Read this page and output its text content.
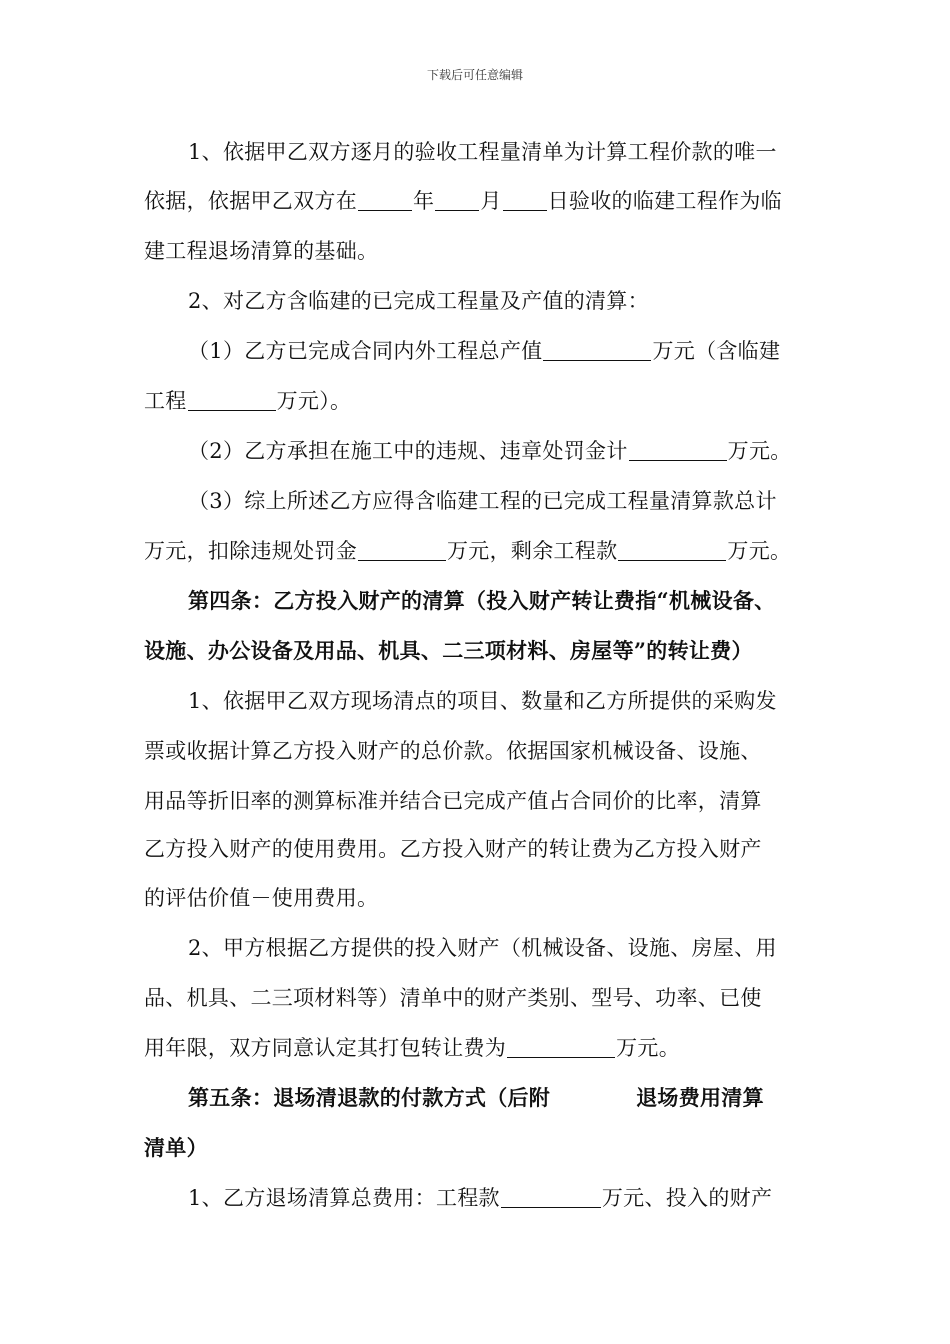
下载后可任意编辑
1、依据甲乙双方逐月的验收工程量清单为计算工程价款的唯一
依据，依据甲乙双方在	年 月 日验收的临建工程作为临
建工程退场清算的基础。
2、对乙方含临建的已完成工程量及产值的清算：
（1）乙方已完成合同内外工程总产值	万元（含临建
工程	万元）。
（2）乙方承担在施工中的违规、违章处罚金计	万元。
（3）综上所述乙方应得含临建工程的已完成工程量清算款总计
万元，扣除违规处罚金	万元，剩余工程款	万元。
第四条：乙方投入财产的清算（投入财产转让费指“机械设备、
设施、办公设备及用品、机具、二三项材料、房屋等”的转让费）
1、依据甲乙双方现场清点的项目、数量和乙方所提供的采购发
票或收据计算乙方投入财产的总价款。依据国家机械设备、设施、
用品等折旧率的测算标准并结合已完成产值占合同价的比率，清算
乙方投入财产的使用费用。乙方投入财产的转让费为乙方投入财产
的评估价值－使用费用。
2、甲方根据乙方提供的投入财产（机械设备、设施、房屋、用
品、机具、二三项材料等）清单中的财产类别、型号、功率、已使
用年限，双方同意认定其打包转让费为	万元。
第五条：退场清退款的付款方式（后附	退场费用清算
清单）
1、乙方退场清算总费用：工程款	万元、投入的财产
